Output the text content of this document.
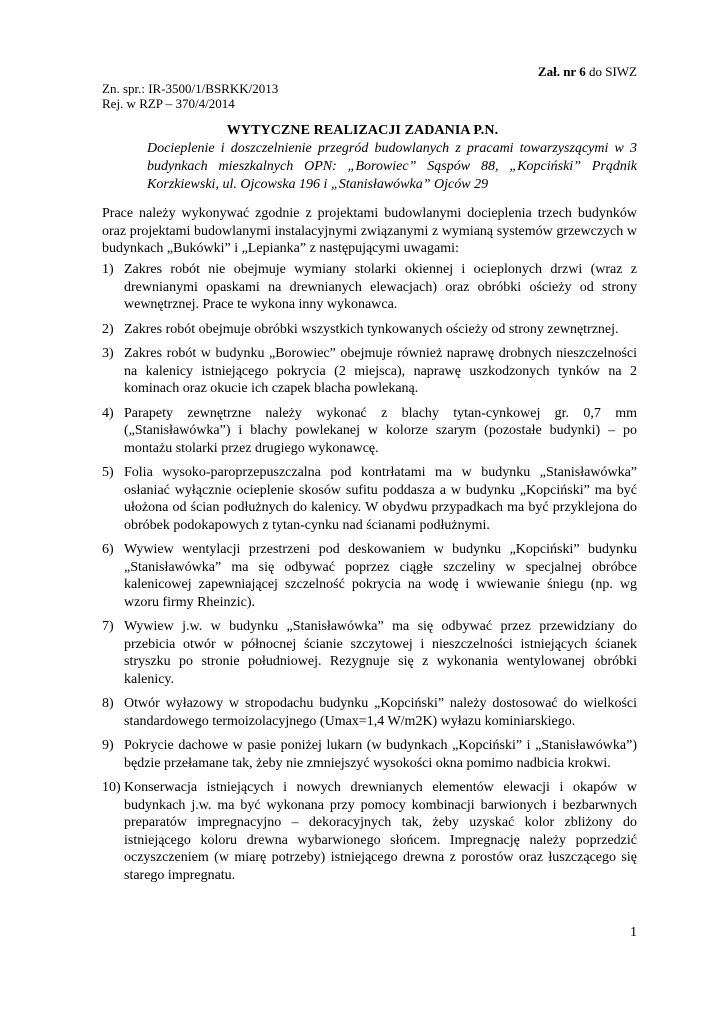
Zał. nr 6 do SIWZ
Zn. spr.: IR-3500/1/BSRKK/2013
Rej. w RZP – 370/4/2014
WYTYCZNE REALIZACJI ZADANIA P.N.
Docieplenie i doszczelnienie przegród budowlanych z pracami towarzyszącymi w 3 budynkach mieszkalnych OPN: „Borowiec” Sąspów 88, „Kopciński” Prądnik Korzkiewski, ul. Ojcowska 196 i „Stanisławówka” Ojców 29
Prace należy wykonywać zgodnie z projektami budowlanymi docieplenia trzech budynków oraz projektami budowlanymi instalacyjnymi związanymi z wymianą systemów grzewczych w budynkach „Bukówki” i „Lepianka” z następującymi uwagami:
1) Zakres robót nie obejmuje wymiany stolarki okiennej i ocieplonych drzwi (wraz z drewnianymi opaskami na drewnianych elewacjach) oraz obróbki ościeży od strony wewnętrznej. Prace te wykona inny wykonawca.
2) Zakres robót obejmuje obróbki wszystkich tynkowanych ościeży od strony zewnętrznej.
3) Zakres robót w budynku „Borowiec” obejmuje również naprawę drobnych nieszczelności na kalenicy istniejącego pokrycia (2 miejsca), naprawę uszkodzonych tynków na 2 kominach oraz okucie ich czapek blacha powlekaną.
4) Parapety zewnętrzne należy wykonać z blachy tytan-cynkowej gr. 0,7 mm („Stanisławówka”) i blachy powlekanej w kolorze szarym (pozostałe budynki) – po montażu stolarki przez drugiego wykonawcę.
5) Folia wysoko-paroprzepuszczalna pod kontrłatami ma w budynku „Stanisławówka” osłaniać wyłącznie ocieplenie skosów sufitu poddasza a w budynku „Kopciński” ma być ułożona od ścian podłużnych do kalenicy. W obydwu przypadkach ma być przyklejona do obróbek podokapowych z tytan-cynku nad ścianami podłużnymi.
6) Wywiew wentylacji przestrzeni pod deskowaniem w budynku „Kopciński” budynku „Stanisławówka” ma się odbywać poprzez ciągłe szczeliny w specjalnej obróbce kalenicowej zapewniającej szczelność pokrycia na wodę i wwiewanie śniegu (np. wg wzoru firmy Rheinzic).
7) Wywiew j.w. w budynku „Stanisławówka” ma się odbywać przez przewidziany do przebicia otwór w północnej ścianie szczytowej i nieszczelności istniejących ścianek stryszku po stronie południowej. Rezygnuje się z wykonania wentylowanej obróbki kalenicy.
8) Otwór wyłazowy w stropodachu budynku „Kopciński” należy dostosować do wielkości standardowego termoizolacyjnego (Umax=1,4 W/m2K) wyłazu kominiarskiego.
9) Pokrycie dachowe w pasie poniżej lukarn (w budynkach „Kopciński” i „Stanisławówka”) będzie przełamane tak, żeby nie zmniejszyć wysokości okna pomimo nadbicia krokwi.
10) Konserwacja istniejących i nowych drewnianych elementów elewacji i okapów w budynkach j.w. ma być wykonana przy pomocy kombinacji barwionych i bezbarwnych preparatów impregnacyjno – dekoracyjnych tak, żeby uzyskać kolor zbliżony do istniejącego koloru drewna wybarwionego słońcem. Impregnację należy poprzedzić oczyszczeniem (w miarę potrzeby) istniejącego drewna z porostów oraz łuszczącego się starego impregnatu.
1
